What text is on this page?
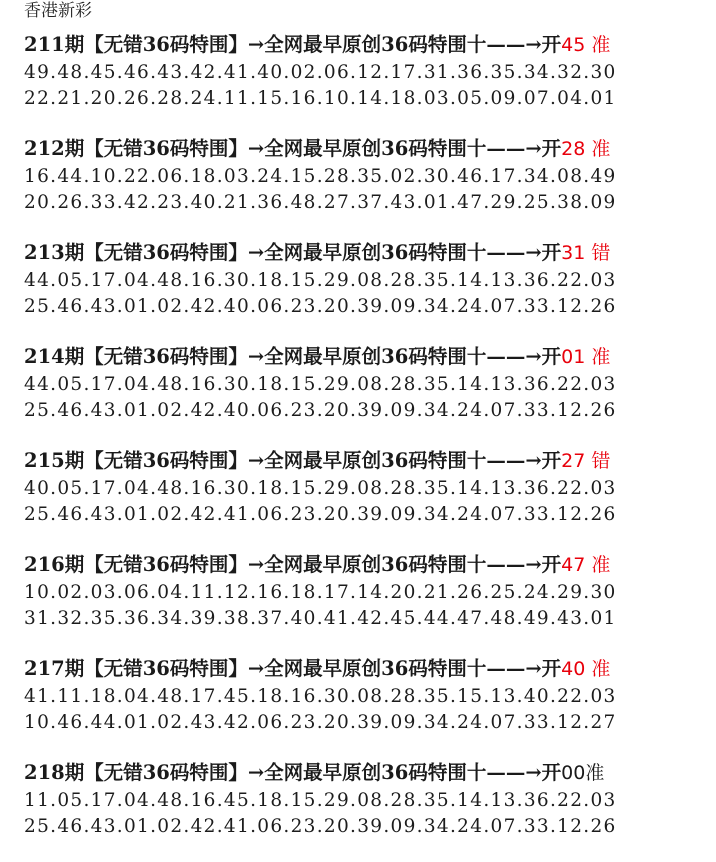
香港新彩
211期【无错36码特围】→全网最早原创36码特围十——→开45 准
49.48.45.46.43.42.41.40.02.06.12.17.31.36.35.34.32.30
22.21.20.26.28.24.11.15.16.10.14.18.03.05.09.07.04.01
212期【无错36码特围】→全网最早原创36码特围十——→开28 准
16.44.10.22.06.18.03.24.15.28.35.02.30.46.17.34.08.49
20.26.33.42.23.40.21.36.48.27.37.43.01.47.29.25.38.09
213期【无错36码特围】→全网最早原创36码特围十——→开31 错
44.05.17.04.48.16.30.18.15.29.08.28.35.14.13.36.22.03
25.46.43.01.02.42.40.06.23.20.39.09.34.24.07.33.12.26
214期【无错36码特围】→全网最早原创36码特围十——→开01 准
44.05.17.04.48.16.30.18.15.29.08.28.35.14.13.36.22.03
25.46.43.01.02.42.40.06.23.20.39.09.34.24.07.33.12.26
215期【无错36码特围】→全网最早原创36码特围十——→开27 错
40.05.17.04.48.16.30.18.15.29.08.28.35.14.13.36.22.03
25.46.43.01.02.42.41.06.23.20.39.09.34.24.07.33.12.26
216期【无错36码特围】→全网最早原创36码特围十——→开47 准
10.02.03.06.04.11.12.16.18.17.14.20.21.26.25.24.29.30
31.32.35.36.34.39.38.37.40.41.42.45.44.47.48.49.43.01
217期【无错36码特围】→全网最早原创36码特围十——→开40 准
41.11.18.04.48.17.45.18.16.30.08.28.35.15.13.40.22.03
10.46.44.01.02.43.42.06.23.20.39.09.34.24.07.33.12.27
218期【无错36码特围】→全网最早原创36码特围十——→开00准
11.05.17.04.48.16.45.18.15.29.08.28.35.14.13.36.22.03
25.46.43.01.02.42.41.06.23.20.39.09.34.24.07.33.12.26
